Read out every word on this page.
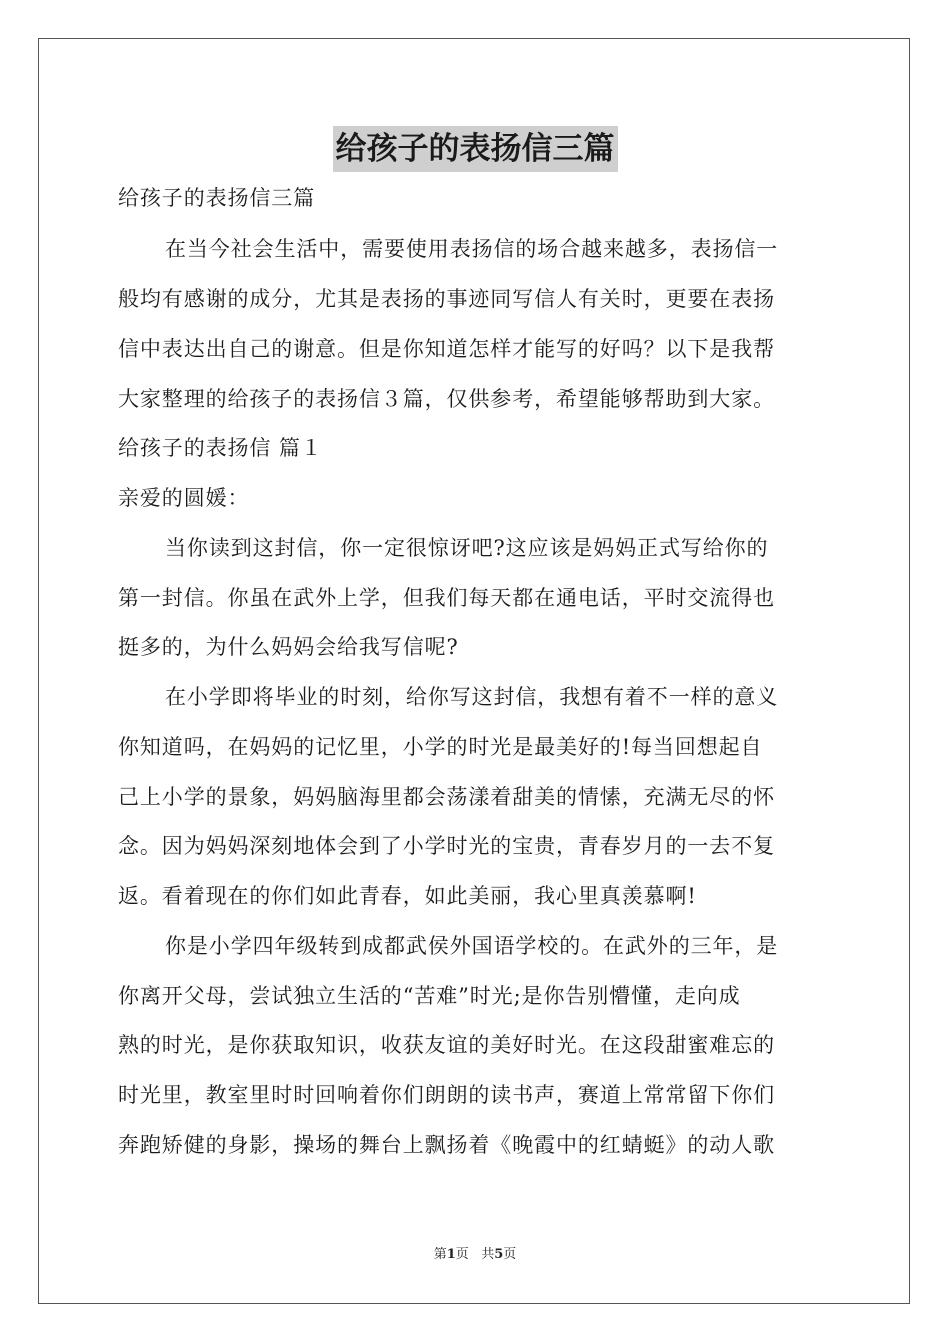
给孩子的表扬信三篇
给孩子的表扬信三篇
在当今社会生活中，需要使用表扬信的场合越来越多，表扬信一
般均有感谢的成分，尤其是表扬的事迹同写信人有关时，更要在表扬
信中表达出自己的谢意。但是你知道怎样才能写的好吗？以下是我帮
大家整理的给孩子的表扬信３篇，仅供参考，希望能够帮助到大家。
给孩子的表扬信 篇１
亲爱的圆媛：
当你读到这封信，你一定很惊讶吧?这应该是妈妈正式写给你的
第一封信。你虽在武外上学，但我们每天都在通电话，平时交流得也
挺多的，为什么妈妈会给我写信呢?
在小学即将毕业的时刻，给你写这封信，我想有着不一样的意义
你知道吗，在妈妈的记忆里，小学的时光是最美好的!每当回想起自
己上小学的景象，妈妈脑海里都会荡漾着甜美的情愫，充满无尽的怀
念。因为妈妈深刻地体会到了小学时光的宝贵，青春岁月的一去不复
返。看着现在的你们如此青春，如此美丽，我心里真羡慕啊!
你是小学四年级转到成都武侯外国语学校的。在武外的三年，是
你离开父母，尝试独立生活的“苦难”时光;是你告别懵懂，走向成
熟的时光，是你获取知识，收获友谊的美好时光。在这段甜蜜难忘的
时光里，教室里时时回响着你们朗朗的读书声，赛道上常常留下你们
奔跑矫健的身影，操场的舞台上飘扬着《晚霞中的红蜻蜓》的动人歌
第1页 共5页
